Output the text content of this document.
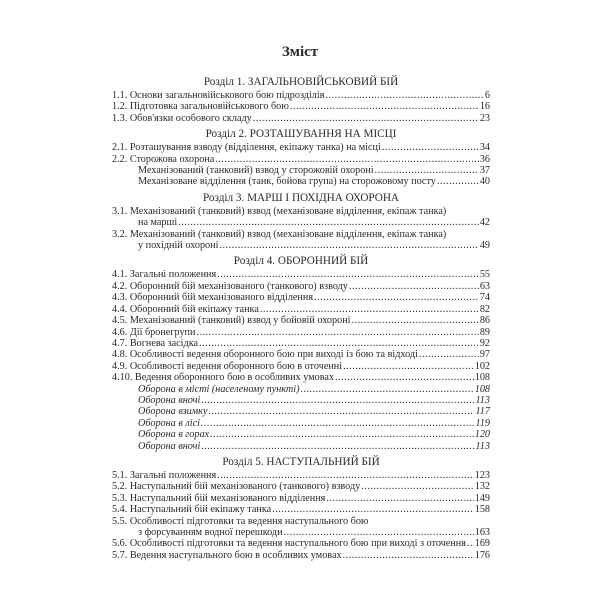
Зміст
Розділ 1. ЗАГАЛЬНОВІЙСЬКОВИЙ БІЙ
1.1. Основи загальновійськового бою підрозділів .....	6
1.2. Підготовка загальновійськового бою .....	16
1.3. Обов'язки особового складу .....	23
Розділ 2. РОЗТАШУВАННЯ НА МІСЦІ
2.1. Розташування взводу (відділення, екіпажу танка) на місці .....	34
2.2. Сторожова охорона .....	36
Механізований (танковий) взвод у сторожовій охороні .....	37
Механізоване відділення (танк, бойова група) на сторожовому посту .....	40
Розділ 3. МАРШ І ПОХІДНА ОХОРОНА
3.1. Механізований (танковий) взвод (механізоване відділення, екіпаж танка)
на марші .....	42
3.2. Механізований (танковий) взвод (механізоване відділення, екіпаж танка)
у похідній охороні .....	49
Розділ 4. ОБОРОННИЙ БІЙ
4.1. Загальні положення .....	55
4.2. Оборонний бій механізованого (танкового) взводу .....	63
4.3. Оборонний бій механізованого відділення .....	74
4.4. Оборонний бій екіпажу танка .....	82
4.5. Механізований (танковий) взвод у бойовій охороні .....	86
4.6. Дії бронегрупи .....	89
4.7. Вогнева засідка .....	92
4.8. Особливості ведення оборонного бою при виході із бою та відході .....	97
4.9. Особливості ведення оборонного бою в оточенні .....	102
4.10. Ведення оборонного бою в особливих умовах .....	108
Оборона в місті (населеному пункті) .....	108
Оборона вночі .....	113
Оборона взимку .....	117
Оборона в лісі .....	119
Оборона в горах .....	120
Оборона вночі .....	113
Розділ 5. НАСТУПАЛЬНИЙ БІЙ
5.1. Загальні положення .....	123
5.2. Наступальний бій механізованого (танкового) взводу .....	132
5.3. Наступальний бій механізованого відділення .....	149
5.4. Наступальний бій екіпажу танка .....	158
5.5. Особливості підготовки та ведення наступального бою
з форсуванням водної перешкоди .....	163
5.6. Особливості підготовки та ведення наступального бою при виході з оточення ..... 169
5.7. Ведення наступального бою в особливих умовах .....	176
